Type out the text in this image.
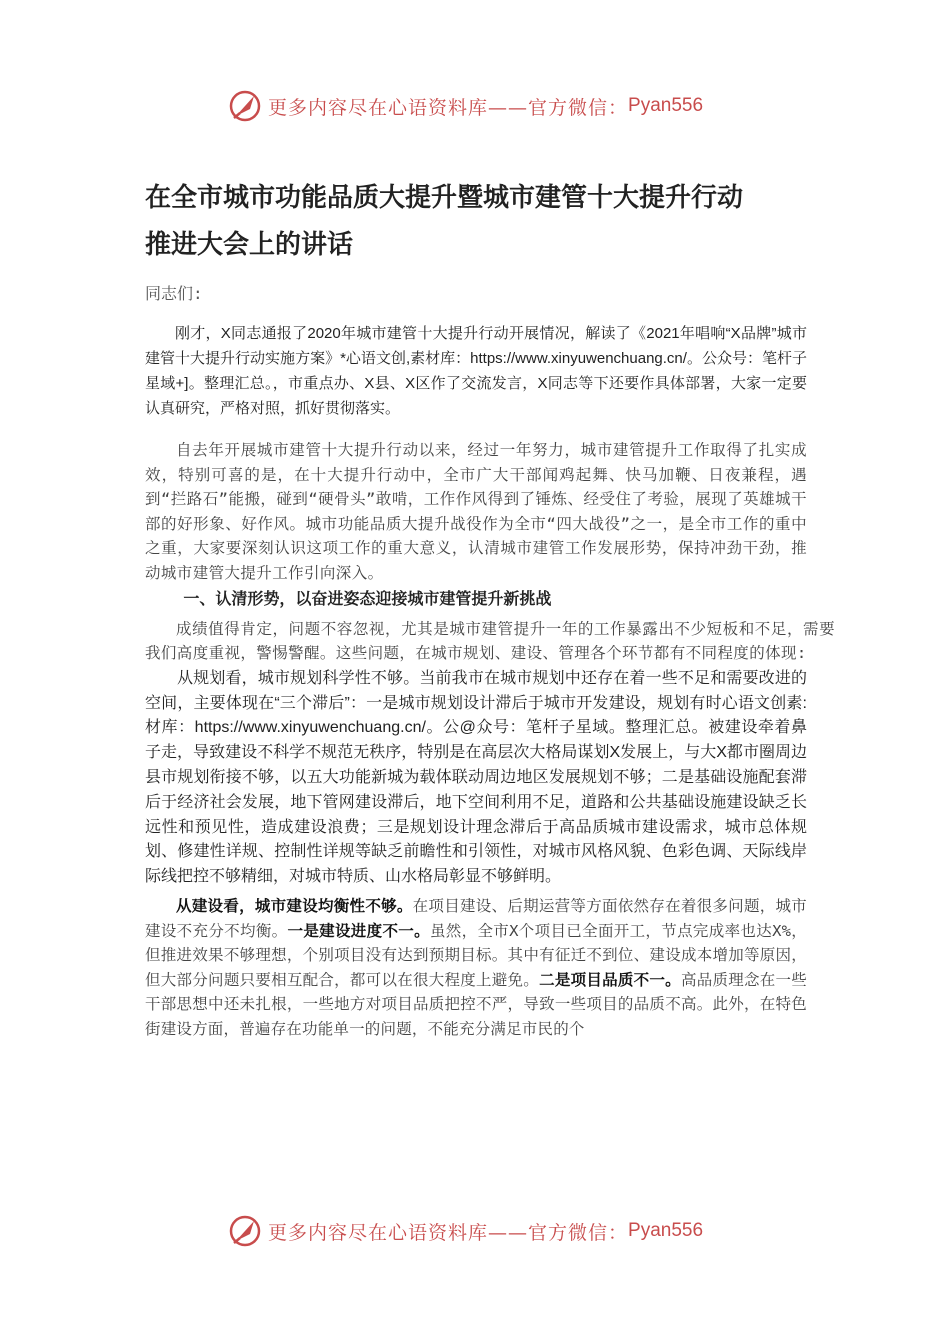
更多内容尽在心语资料库——官方微信： Pyan556
在全市城市功能品质大提升暨城市建管十大提升行动
推进大会上的讲话
同志们:

刚才，X同志通报了2020年城市建管十大提升行动开展情况，解读了《2021年唱响“X品牌”城市建管十大提升行动实施方案》*心语文创,素材库：https://www.xinyuwenchuang.cn/。公众号：笔杆子星域+]。整理汇总。，市重点办、X县、X区作了交流发言，X同志等下还要作具体部署，大家一定要认真研究，严格对照，抓好贯彻落实。

自去年开展城市建管十大提升行动以来，经过一年努力，城市建管提升工作取得了扎实成效，特别可喜的是，在十大提升行动中，全市广大干部闻鸡起舞、快马加鞭、日夜兼程，遇到“拦路石”能搬，碰到“硬骨头”敢啃，工作作风得到了锤炼、经受住了考验，展现了英雄城干部的好形象、好作风。城市功能品质大提升战役作为全市“四大战役”之一，是全市工作的重中之重，大家要深刻认识这项工作的重大意义，认清城市建管工作发展形势，保持冲劲干劲，推动城市建管大提升工作引向深入。

一、认清形势，以奋进姿态迎接城市建管提升新挑战

成绩值得肯定，问题不容忽视，尤其是城市建管提升一年的工作暴露出不少短板和不足，需要我们高度重视，警惕警醒。这些问题，在城市规划、建设、管理各个环节都有不同程度的体现:

从规划看，城市规划科学性不够。当前我市在城市规划中还存在着一些不足和需要改进的空间，主要体现在“三个滞后”：一是城市规划设计滞后于城市开发建设，规划有时心语文创素:材库：https://www.xinyuwenchuang.cn/。公@众号：笔杆子星域。整理汇总。被建设牵着鼻子走，导致建设不科学不规范无秩序，特别是在高层次大格局谋划X发展上，与大X都市圈周边县市规划衔接不够，以五大功能新城为载体联动周边地区发展规划不够；二是基础设施配套滞后于经济社会发展，地下管网建设滞后，地下空间利用不足，道路和公共基础设施建设缺乏长远性和预见性，造成建设浪费；三是规划设计理念滞后于高品质城市建设需求，城市总体规划、修建性详规、控制性详规等缺乏前瞻性和引领性，对城市风格风貌、色彩色调、天际线岸际线把控不够精细，对城市特质、山水格局彰显不够鲜明。

从建设看，城市建设均衡性不够。在项目建设、后期运营等方面依然存在着很多问题，城市建设不充分不均衡。一是建设进度不一。虽然，全市X个项目已全面开工，节点完成率也达X%，但推进效果不够理想，个别项目没有达到预期目标。其中有征迁不到位、建设成本增加等原因，但大部分问题只要相互配合，都可以在很大程度上避免。二是项目品质不一。高品质理念在一些干部思想中还未扎根，一些地方对项目品质把控不严，导致一些项目的品质不高。此外，在特色街建设方面，普遍存在功能单一的问题，不能充分满足市民的个

更多内容尽在心语资料库——官方微信： Pyan556
